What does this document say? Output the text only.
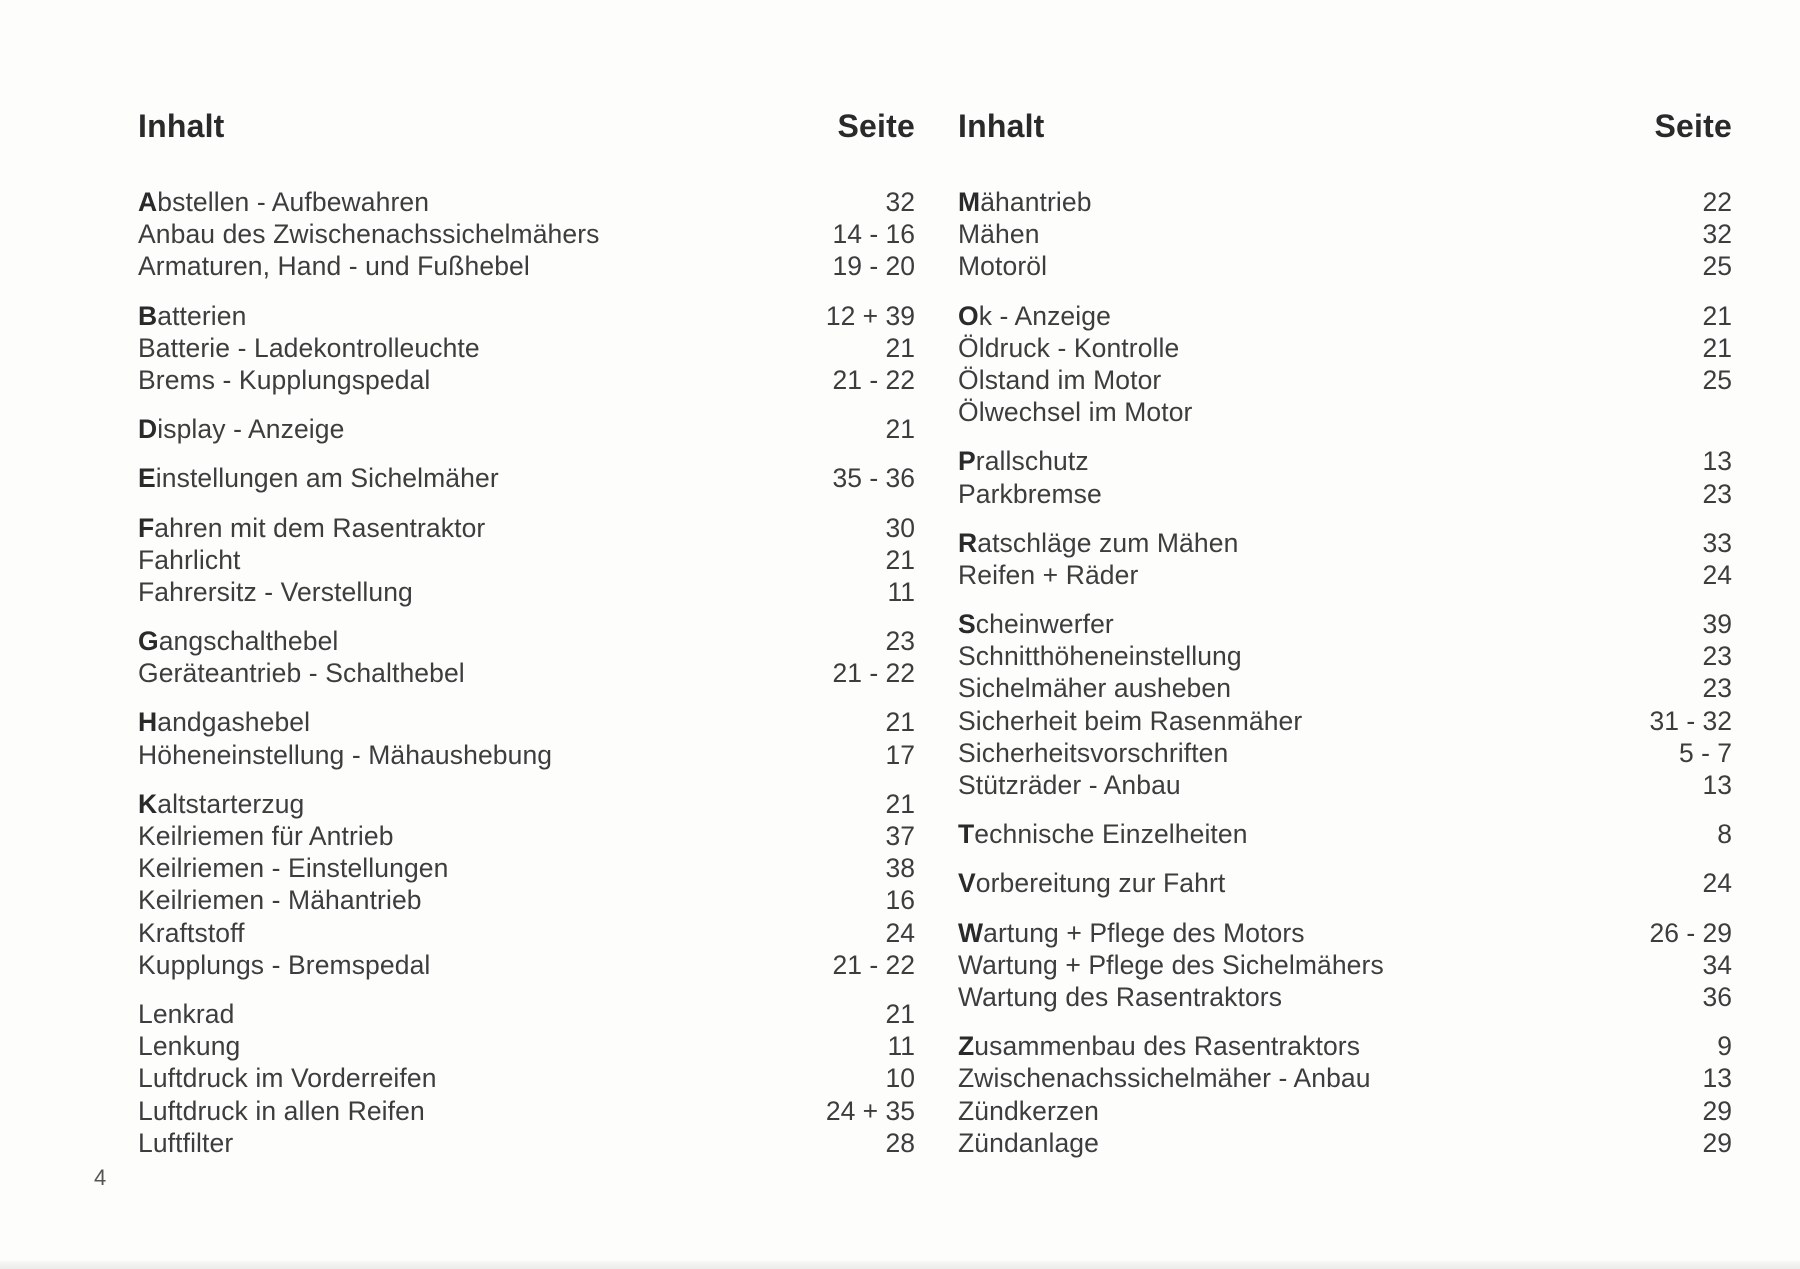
Inhalt	Seite
Abstellen - Aufbewahren	32
Anbau des Zwischenachssichelmähers	14 - 16
Armaturen, Hand - und Fußhebel	19 - 20
Batterien	12 + 39
Batterie - Ladekontrolleuchte	21
Brems - Kupplungspedal	21 - 22
Display - Anzeige	21
Einstellungen am Sichelmäher	35 - 36
Fahren mit dem Rasentraktor	30
Fahrlicht	21
Fahrersitz - Verstellung	11
Gangschalthebel	23
Geräteantrieb - Schalthebel	21 - 22
Handgashebel	21
Höheneinstellung - Mähaushebung	17
Kaltstarterzug	21
Keilriemen für Antrieb	37
Keilriemen - Einstellungen	38
Keilriemen - Mähantrieb	16
Kraftstoff	24
Kupplungs - Bremspedal	21 - 22
Lenkrad	21
Lenkung	11
Luftdruck im Vorderreifen	10
Luftdruck in allen Reifen	24 + 35
Luftfilter	28
Inhalt	Seite
Mähantrieb	22
Mähen	32
Motoröl	25
Ok - Anzeige	21
Öldruck - Kontrolle	21
Ölstand im Motor	25
Ölwechsel im Motor
Prallschutz	13
Parkbremse	23
Ratschläge zum Mähen	33
Reifen + Räder	24
Scheinwerfer	39
Schnitthöheneinstellung	23
Sichelmäher ausheben	23
Sicherheit beim Rasenmäher	31 - 32
Sicherheitsvorschriften	5 - 7
Stützräder - Anbau	13
Technische Einzelheiten	8
Vorbereitung zur Fahrt	24
Wartung + Pflege des Motors	26 - 29
Wartung + Pflege des Sichelmähers	34
Wartung des Rasentraktors	36
Zusammenbau des Rasentraktors	9
Zwischenachssichelmäher - Anbau	13
Zündkerzen	29
Zündanlage	29
4
